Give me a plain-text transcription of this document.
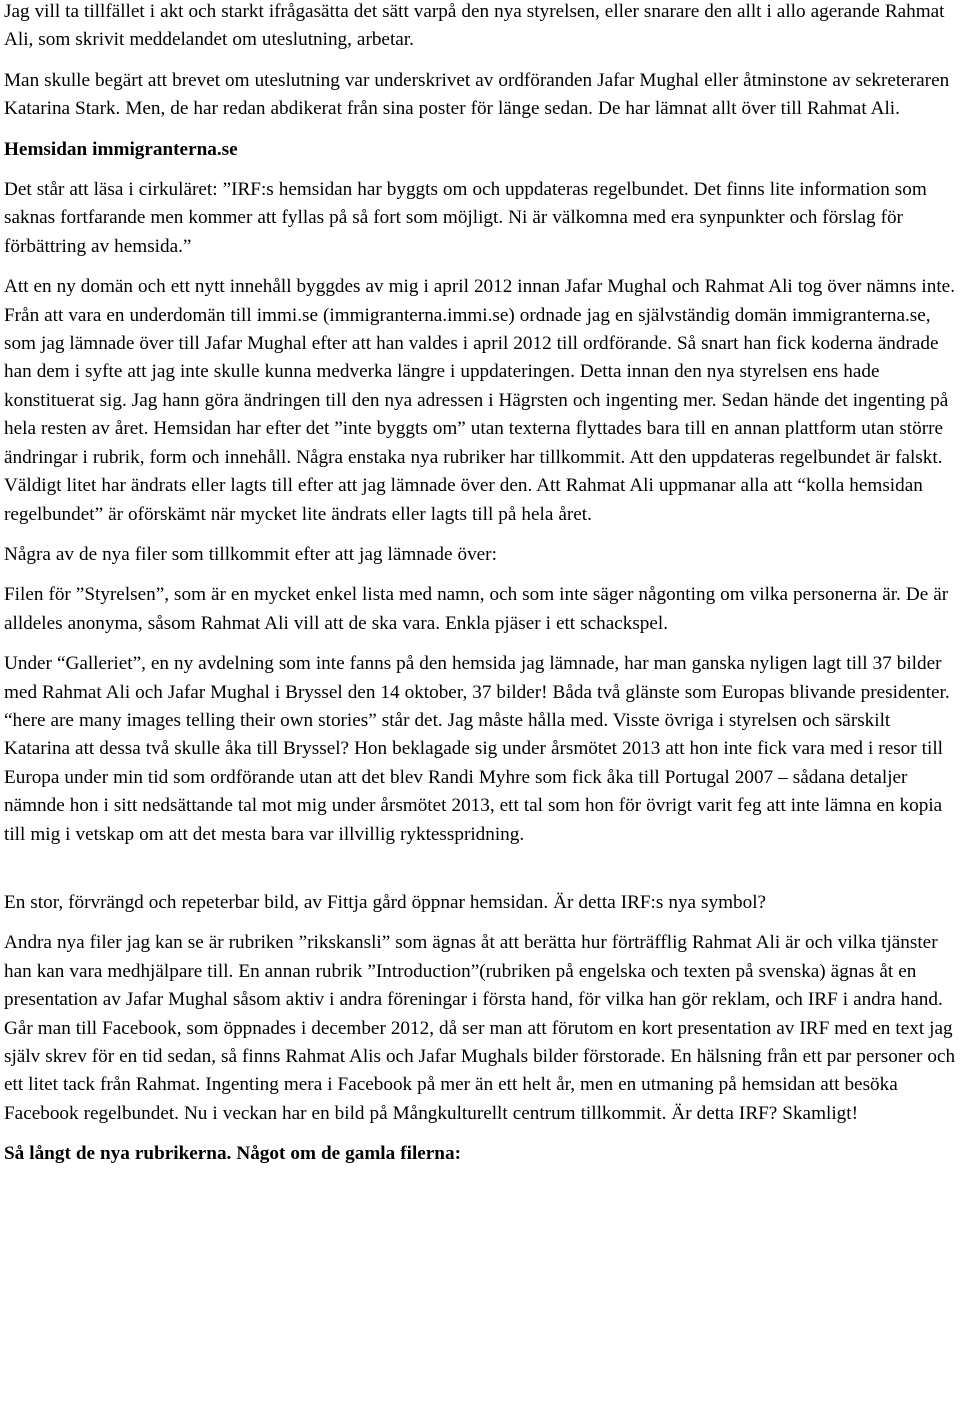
Jag vill ta tillfället i akt och starkt ifrågasätta det sätt varpå den nya styrelsen, eller snarare den allt i allo agerande Rahmat Ali, som skrivit meddelandet om uteslutning, arbetar.

Man skulle begärt att brevet om uteslutning var underskrivet av ordföranden Jafar Mughal eller åtminstone av sekreteraren Katarina Stark. Men, de har redan abdikerat från sina poster för länge sedan. De har lämnat allt över till Rahmat Ali.

Hemsidan immigranterna.se

Det står att läsa i cirkuläret: ”IRF:s hemsidan har byggts om och uppdateras regelbundet. Det finns lite information som saknas fortfarande men kommer att fyllas på så fort som möjligt. Ni är välkomna med era synpunkter och förslag för förbättring av hemsida.”

Att en ny domän och ett nytt innehåll byggdes av mig i april 2012 innan Jafar Mughal och Rahmat Ali tog över nämns inte. Från att vara en underdomän till immi.se (immigranterna.immi.se) ordnade jag en självständig domän immigranterna.se, som jag lämnade över till Jafar Mughal efter att han valdes i april 2012 till ordförande. Så snart han fick koderna ändrade han dem i syfte att jag inte skulle kunna medverka längre i uppdateringen. Detta innan den nya styrelsen ens hade konstituerat sig. Jag hann göra ändringen till den nya adressen i Hägrsten och ingenting mer. Sedan hände det ingenting på hela resten av året. Hemsidan har efter det ”inte byggts om” utan texterna flyttades bara till en annan plattform utan större ändringar i rubrik, form och innehåll. Några enstaka nya rubriker har tillkommit. Att den uppdateras regelbundet är falskt. Väldigt litet har ändrats eller lagts till efter att jag lämnade över den. Att Rahmat Ali uppmanar alla att “kolla hemsidan regelbundet” är oförskämt när mycket lite ändrats eller lagts till på hela året.

Några av de nya filer som tillkommit efter att jag lämnade över:

Filen för ”Styrelsen”, som är en mycket enkel lista med namn, och som inte säger någonting om vilka personerna är. De är alldeles anonyma, såsom Rahmat Ali vill att de ska vara. Enkla pjäser i ett schackspel.

Under “Galleriet”, en ny avdelning som inte fanns på den hemsida jag lämnade, har man ganska nyligen lagt till 37 bilder med Rahmat Ali och Jafar Mughal i Bryssel den 14 oktober, 37 bilder! Båda två glänste som Europas blivande presidenter. “here are many images telling their own stories” står det. Jag måste hålla med. Visste övriga i styrelsen och särskilt Katarina att dessa två skulle åka till Bryssel? Hon beklagade sig under årsmötet 2013 att hon inte fick vara med i resor till Europa under min tid som ordförande utan att det blev Randi Myhre som fick åka till Portugal 2007 – sådana detaljer nämnde hon i sitt nedsättande tal mot mig under årsmötet 2013, ett tal som hon för övrigt varit feg att inte lämna en kopia till mig i vetskap om att det mesta bara var illvillig ryktesspridning.

En stor, förvrängd och repeterbar bild, av Fittja gård öppnar hemsidan. Är detta IRF:s nya symbol?

Andra nya filer jag kan se är rubriken ”rikskansli” som ägnas åt att berätta hur förträfflig Rahmat Ali är och vilka tjänster han kan vara medhjälpare till. En annan rubrik ”Introduction”(rubriken på engelska och texten på svenska) ägnas åt en presentation av Jafar Mughal såsom aktiv i andra föreningar i första hand, för vilka han gör reklam, och IRF i andra hand. Går man till Facebook, som öppnades i december 2012, då ser man att förutom en kort presentation av IRF med en text jag själv skrev för en tid sedan, så finns Rahmat Alis och Jafar Mughals bilder förstorade. En hälsning från ett par personer och ett litet tack från Rahmat. Ingenting mera i Facebook på mer än ett helt år, men en utmaning på hemsidan att besöka Facebook regelbundet. Nu i veckan har en bild på Mångkulturellt centrum tillkommit. Är detta IRF? Skamligt!

Så långt de nya rubrikerna. Något om de gamla filerna:
